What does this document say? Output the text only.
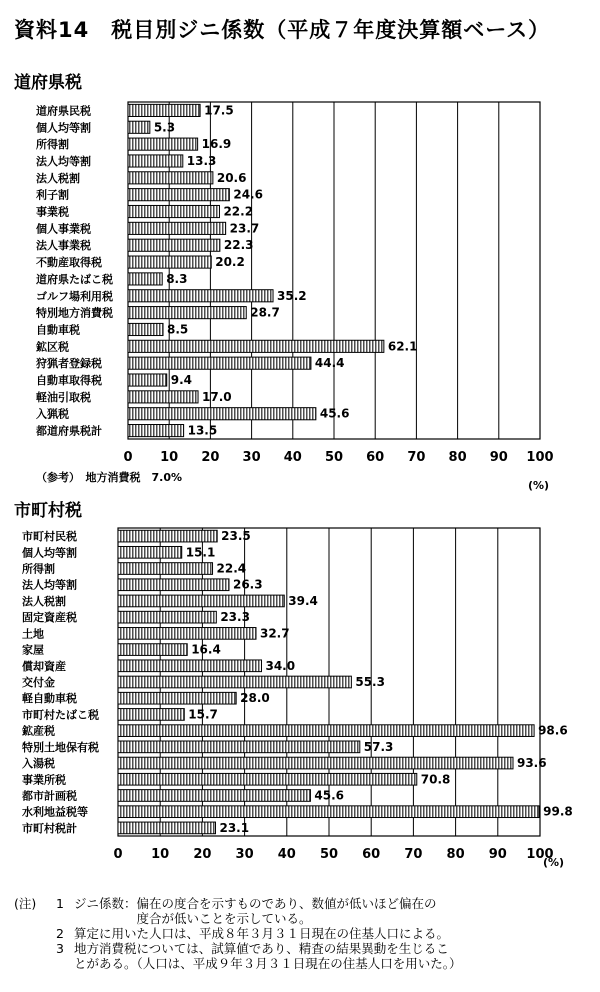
資料14　税目別ジニ係数（平成７年度決算額ベース）
道府県税
0 10 20 30 40 50 60 70 80 90 100
道府県民税	17.5
個人均等割	5.3
所得割	16.9
法人均等割	13.3
法人税割	20.6
利子割	24.6
事業税	22.2
個人事業税	23.7
法人事業税	22.3
不動産取得税	20.2
道府県たばこ税	8.3
ゴルフ場利用税	35.2
特別地方消費税	28.7
自動車税	8.5
鉱区税	62.1
狩猟者登録税	44.4
自動車取得税	9.4
軽油引取税	17.0
入猟税	45.6
都道府県税計	13.5
(%)
（参考）　地方消費税　7.0%
市町村税
0 10 20 30 40 50 60 70 80 90 100
市町村民税	23.5
個人均等割	15.1
所得割	22.4
法人均等割	26.3
法人税割	39.4
固定資産税	23.3
土地	32.7
家屋	16.4
償却資産	34.0
交付金	55.3
軽自動車税	28.0
市町村たばこ税	15.7
鉱産税	98.6
特別土地保有税	57.3
入湯税	93.6
事業所税	70.8
都市計画税	45.6
水利地益税等	99.8
市町村税計	23.1
(%)
(注)	1 ジニ係数：偏在の度合を示すものであり、数値が低いほど偏在の
　　　　　度合が低いことを示している。
2 算定に用いた人口は、平成８年３月３１日現在の住基人口による。
3 地方消費税については、試算値であり、精査の結果異動を生じるこ
とがある。（人口は、平成９年３月３１日現在の住基人口を用いた。）
